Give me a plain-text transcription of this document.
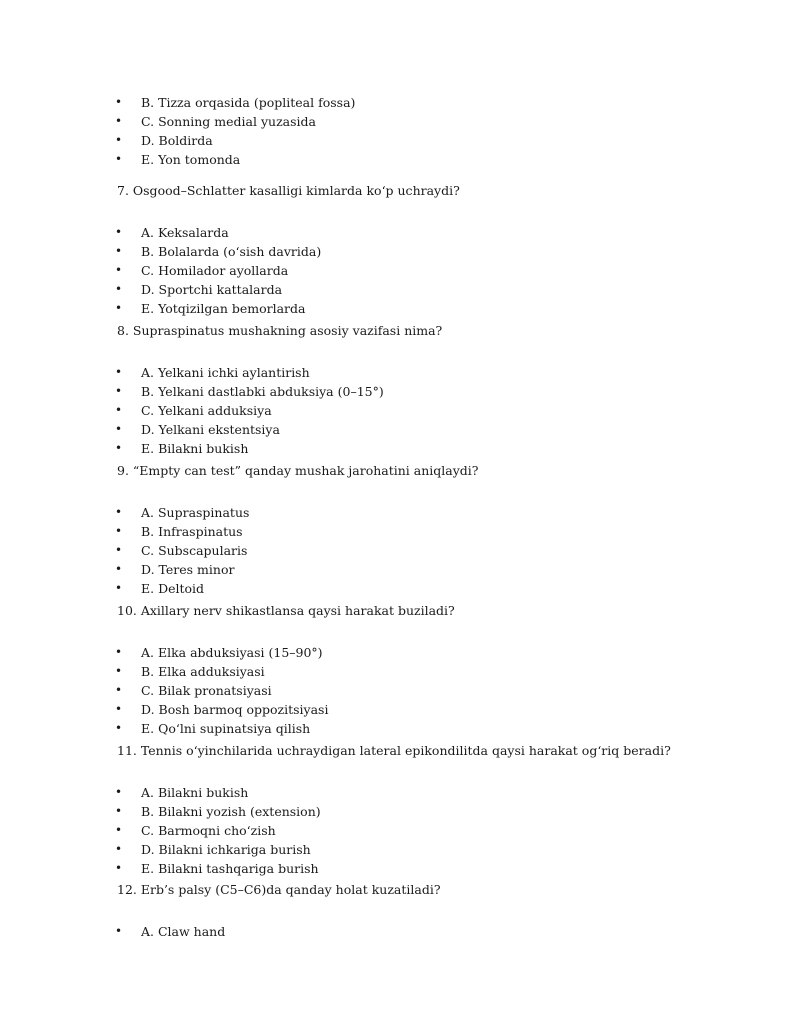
• B. Tizza orqasida (popliteal fossa)
• C. Sonning medial yuzasida
• D. Boldirda
• E. Yon tomonda

7. Osgood–Schlatter kasalligi kimlarda ko‘p uchraydi?

• A. Keksalarda
• B. Bolalarda (o‘sish davrida)
• C. Homilador ayollarda
• D. Sportchi kattalarda
• E. Yotqizilgan bemorlarda

8. Supraspinatus mushakning asosiy vazifasi nima?

• A. Yelkani ichki aylantirish
• B. Yelkani dastlabki abduksiya (0–15°)
• C. Yelkani adduksiya
• D. Yelkani ekstentsiya
• E. Bilakni bukish

9. “Empty can test” qanday mushak jarohatini aniqlaydi?

• A. Supraspinatus
• B. Infraspinatus
• C. Subscapularis
• D. Teres minor
• E. Deltoid

10. Axillary nerv shikastlansa qaysi harakat buziladi?

• A. Elka abduksiyasi (15–90°)
• B. Elka adduksiyasi
• C. Bilak pronatsiyasi
• D. Bosh barmoq oppozitsiyasi
• E. Qo‘lni supinatsiya qilish

11. Tennis o‘yinchilarida uchraydigan lateral epikondilitda qaysi harakat og‘riq beradi?

• A. Bilakni bukish
• B. Bilakni yozish (extension)
• C. Barmoqni cho‘zish
• D. Bilakni ichkariga burish
• E. Bilakni tashqariga burish

12. Erb’s palsy (C5–C6)da qanday holat kuzatiladi?

• A. Claw hand
